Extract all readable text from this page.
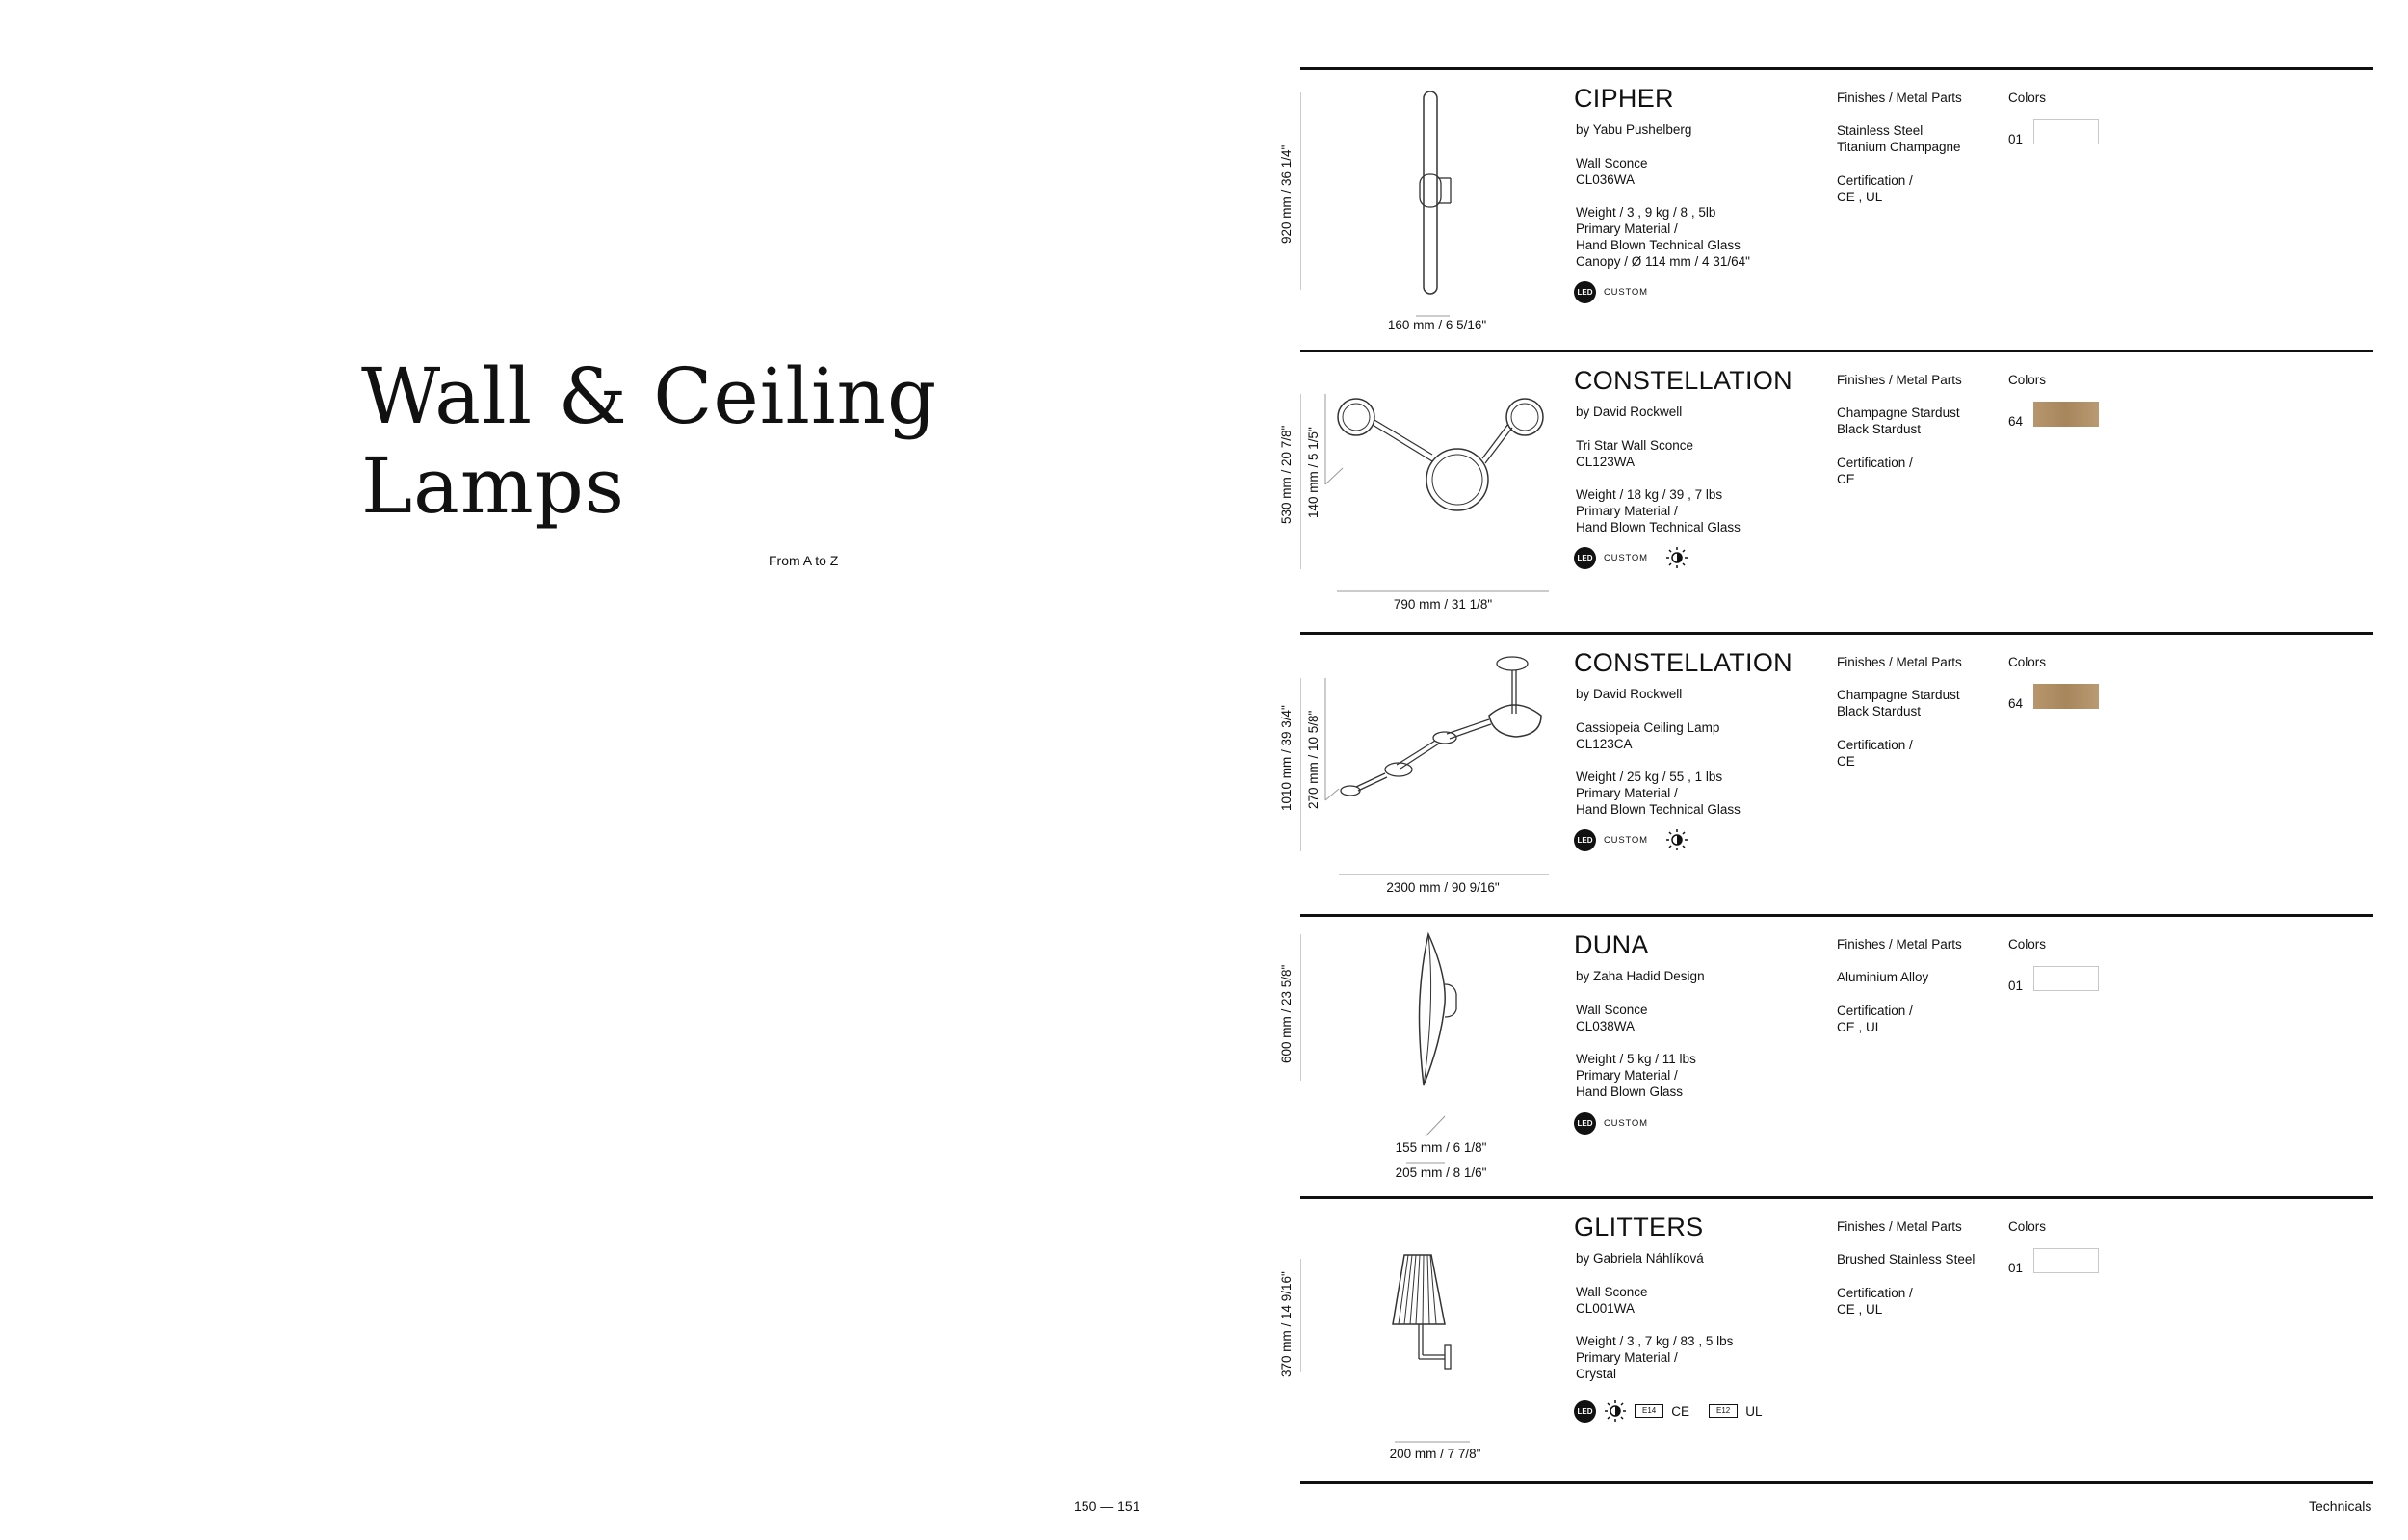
Wall & Ceiling
Lamps
From A to Z
150 — 151	Technicals
920 mm / 36 1/4"
160 mm / 6 5/16"
CIPHER
by Yabu Pushelberg
Wall Sconce
CL036WA
Weight / 3 , 9 kg / 8 , 5lb
Primary Material /
Hand Blown Technical Glass
Canopy / Ø 114 mm / 4 31/64"
LED	CUSTOM
Finishes / Metal Parts
Stainless Steel
Titanium Champagne
Certification /
CE , UL
Colors
01
530 mm / 20 7/8" 140 mm / 5 1/5"
790 mm / 31 1/8"
CONSTELLATION
by David Rockwell
Tri Star Wall Sconce
CL123WA
Weight / 18 kg / 39 , 7 lbs
Primary Material /
Hand Blown Technical Glass
LED	CUSTOM
Finishes / Metal Parts
Champagne Stardust
Black Stardust
Certification /
CE
Colors
64
1010 mm / 39 3/4" 270 mm / 10 5/8"
2300 mm / 90 9/16"
CONSTELLATION
by David Rockwell
Cassiopeia Ceiling Lamp
CL123CA
Weight / 25 kg / 55 , 1 lbs
Primary Material /
Hand Blown Technical Glass
LED	CUSTOM
Finishes / Metal Parts
Champagne Stardust
Black Stardust
Certification /
CE
Colors
64
600 mm / 23 5/8"
155 mm / 6 1/8"
205 mm / 8 1/6"
DUNA
by Zaha Hadid Design
Wall Sconce
CL038WA
Weight / 5 kg / 11 lbs
Primary Material /
Hand Blown Glass
LED	CUSTOM
Finishes / Metal Parts
Aluminium Alloy
Certification /
CE , UL
Colors
01
370 mm / 14 9/16"
200 mm / 7 7/8"
GLITTERS
by Gabriela Náhlíková
Wall Sconce
CL001WA
Weight / 3 , 7 kg / 83 , 5 lbs
Primary Material /
Crystal
LED	E14	CE	E12	UL
Finishes / Metal Parts
Brushed Stainless Steel
Certification /
CE , UL
Colors
01
